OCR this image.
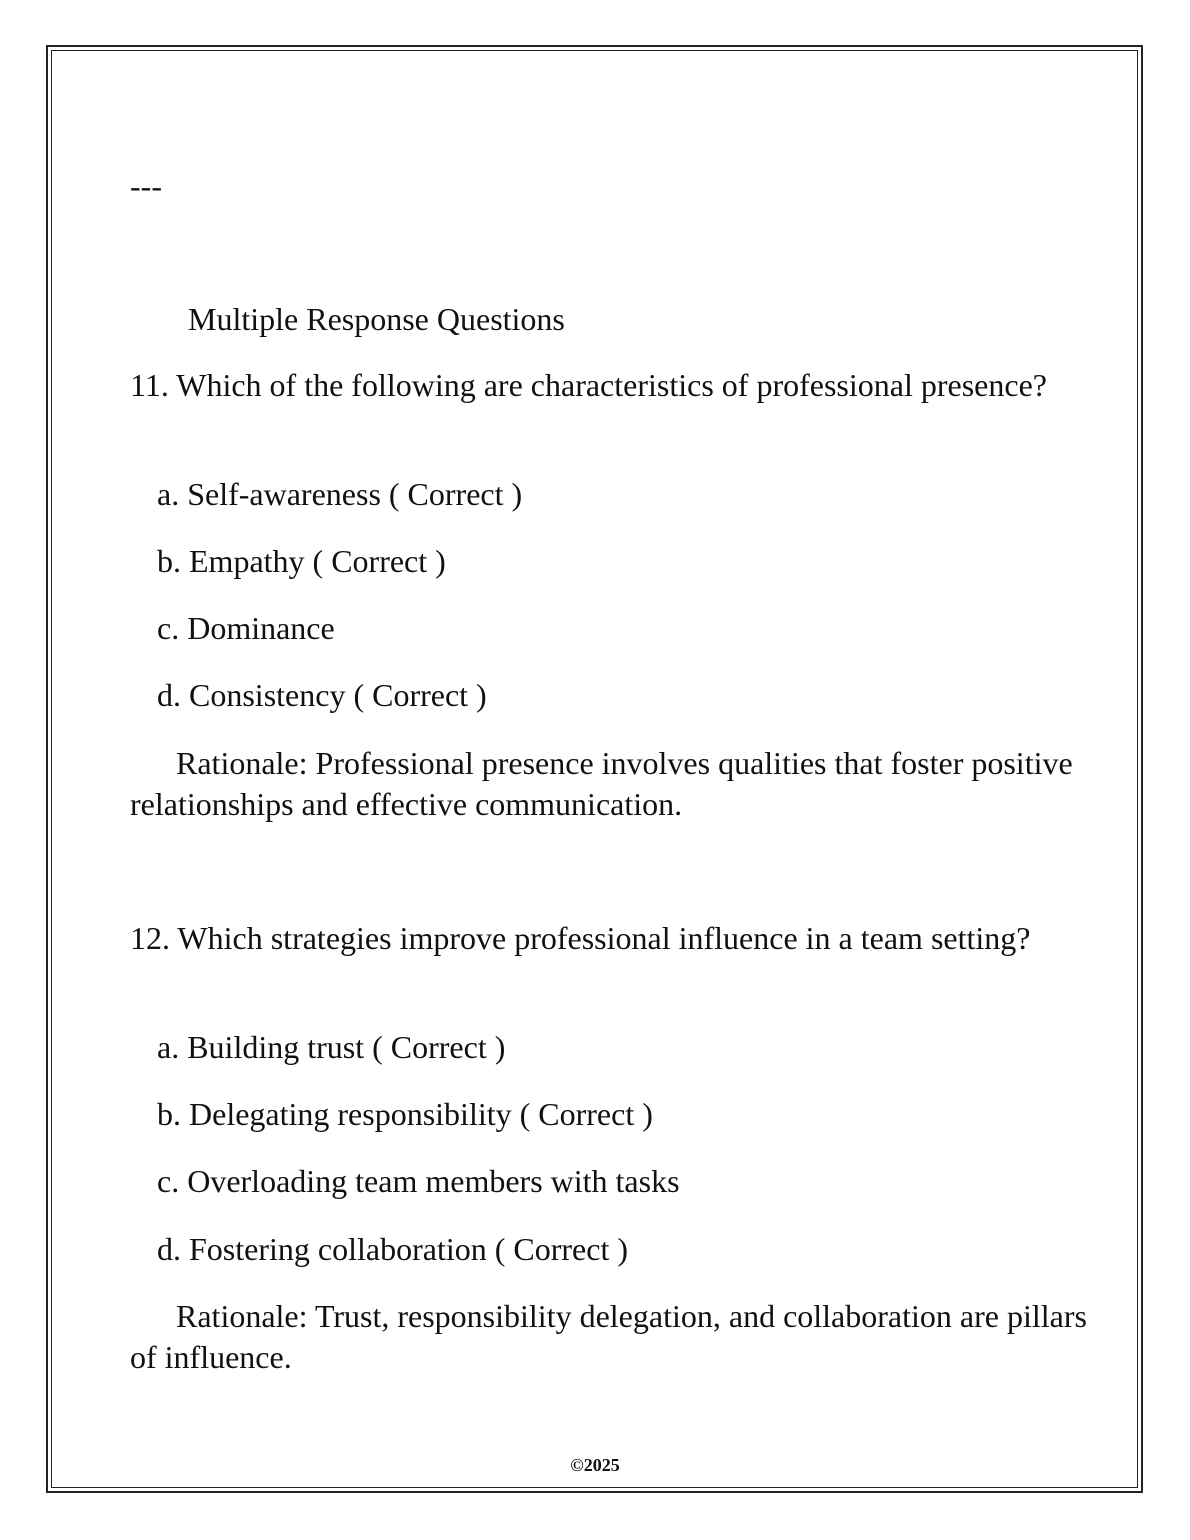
---
Multiple Response Questions
11. Which of the following are characteristics of professional presence?
a. Self-awareness ( Correct )
b. Empathy ( Correct )
c. Dominance
d. Consistency ( Correct )
Rationale: Professional presence involves qualities that foster positive relationships and effective communication.
12. Which strategies improve professional influence in a team setting?
a. Building trust ( Correct )
b. Delegating responsibility ( Correct )
c. Overloading team members with tasks
d. Fostering collaboration ( Correct )
Rationale: Trust, responsibility delegation, and collaboration are pillars of influence.
©2025
